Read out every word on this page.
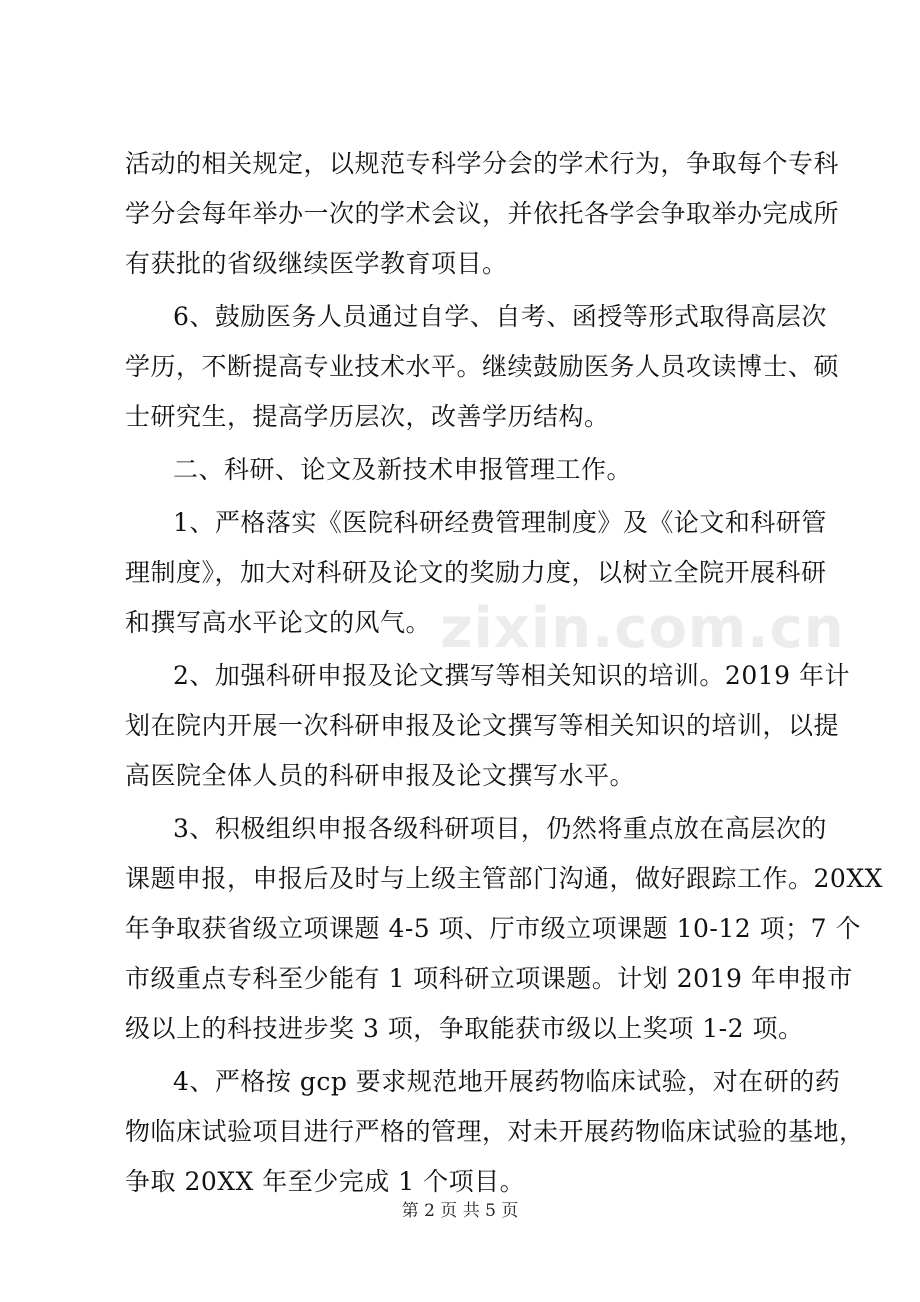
活动的相关规定，以规范专科学分会的学术行为，争取每个专科
学分会每年举办一次的学术会议，并依托各学会争取举办完成所
有获批的省级继续医学教育项目。
6、鼓励医务人员通过自学、自考、函授等形式取得高层次
学历，不断提高专业技术水平。继续鼓励医务人员攻读博士、硕
士研究生，提高学历层次，改善学历结构。
二、科研、论文及新技术申报管理工作。
1、严格落实《医院科研经费管理制度》及《论文和科研管
理制度》，加大对科研及论文的奖励力度，以树立全院开展科研
和撰写高水平论文的风气。
2、加强科研申报及论文撰写等相关知识的培训。2019 年计
划在院内开展一次科研申报及论文撰写等相关知识的培训，以提
高医院全体人员的科研申报及论文撰写水平。
3、积极组织申报各级科研项目，仍然将重点放在高层次的
课题申报，申报后及时与上级主管部门沟通，做好跟踪工作。20XX
年争取获省级立项课题 4-5 项、厅市级立项课题 10-12 项；7 个
市级重点专科至少能有 1 项科研立项课题。计划 2019 年申报市
级以上的科技进步奖 3 项，争取能获市级以上奖项 1-2 项。
4、严格按 gcp 要求规范地开展药物临床试验，对在研的药
物临床试验项目进行严格的管理，对未开展药物临床试验的基地，
争取 20XX 年至少完成 1 个项目。
zixin.com.cn
第 2 页 共 5 页
